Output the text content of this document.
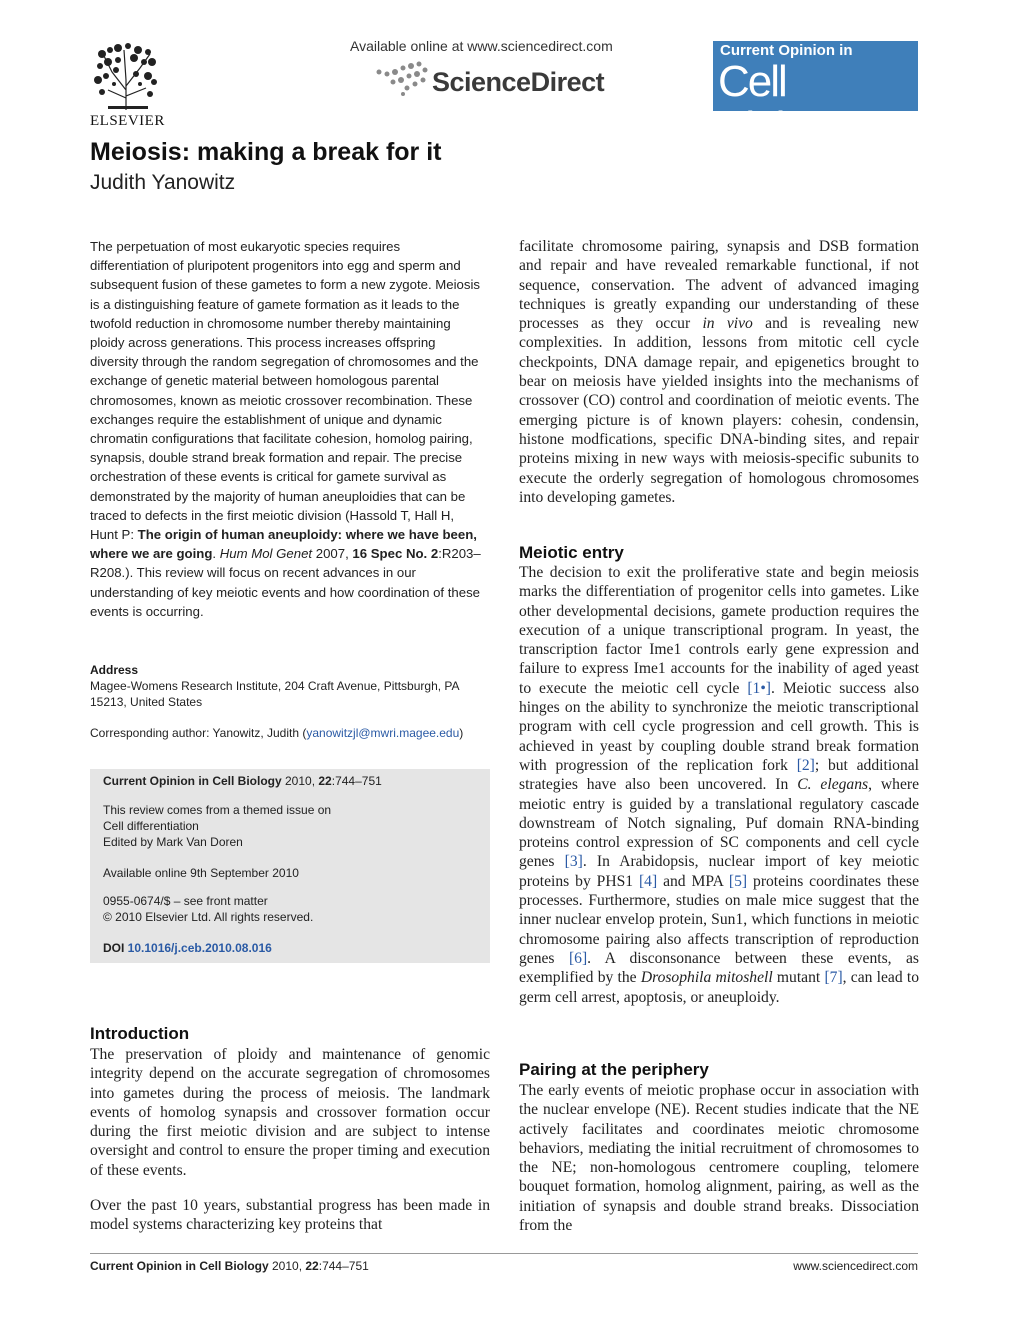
ELSEVIER
Available online at www.sciencedirect.com
ScienceDirect
Current Opinion in
Cell Biology
Meiosis: making a break for it
Judith Yanowitz
The perpetuation of most eukaryotic species requires differentiation of pluripotent progenitors into egg and sperm and subsequent fusion of these gametes to form a new zygote. Meiosis is a distinguishing feature of gamete formation as it leads to the twofold reduction in chromosome number thereby maintaining ploidy across generations. This process increases offspring diversity through the random segregation of chromosomes and the exchange of genetic material between homologous parental chromosomes, known as meiotic crossover recombination. These exchanges require the establishment of unique and dynamic chromatin configurations that facilitate cohesion, homolog pairing, synapsis, double strand break formation and repair. The precise orchestration of these events is critical for gamete survival as demonstrated by the majority of human aneuploidies that can be traced to defects in the first meiotic division (Hassold T, Hall H, Hunt P: The origin of human aneuploidy: where we have been, where we are going. Hum Mol Genet 2007, 16 Spec No. 2:R203–R208.). This review will focus on recent advances in our understanding of key meiotic events and how coordination of these events is occurring.
Address
Magee-Womens Research Institute, 204 Craft Avenue, Pittsburgh, PA 15213, United States
Corresponding author: Yanowitz, Judith (yanowitzjl@mwri.magee.edu)
Current Opinion in Cell Biology 2010, 22:744–751
This review comes from a themed issue on
Cell differentiation
Edited by Mark Van Doren
Available online 9th September 2010
0955-0674/$ – see front matter
© 2010 Elsevier Ltd. All rights reserved.
DOI 10.1016/j.ceb.2010.08.016
Introduction

The preservation of ploidy and maintenance of genomic integrity depend on the accurate segregation of chromosomes into gametes during the process of meiosis. The landmark events of homolog synapsis and crossover formation occur during the first meiotic division and are subject to intense oversight and control to ensure the proper timing and execution of these events.

Over the past 10 years, substantial progress has been made in model systems characterizing key proteins that

facilitate chromosome pairing, synapsis and DSB formation and repair and have revealed remarkable functional, if not sequence, conservation. The advent of advanced imaging techniques is greatly expanding our understanding of these processes as they occur in vivo and is revealing new complexities. In addition, lessons from mitotic cell cycle checkpoints, DNA damage repair, and epigenetics brought to bear on meiosis have yielded insights into the mechanisms of crossover (CO) control and coordination of meiotic events. The emerging picture is of known players: cohesin, condensin, histone modfications, specific DNA-binding sites, and repair proteins mixing in new ways with meiosis-specific subunits to execute the orderly segregation of homologous chromosomes into developing gametes.

Meiotic entry

The decision to exit the proliferative state and begin meiosis marks the differentiation of progenitor cells into gametes. Like other developmental decisions, gamete production requires the execution of a unique transcriptional program. In yeast, the transcription factor Ime1 controls early gene expression and failure to express Ime1 accounts for the inability of aged yeast to execute the meiotic cell cycle [1•]. Meiotic success also hinges on the ability to synchronize the meiotic transcriptional program with cell cycle progression and cell growth. This is achieved in yeast by coupling double strand break formation with progression of the replication fork [2]; but additional strategies have also been uncovered. In C. elegans, where meiotic entry is guided by a translational regulatory cascade downstream of Notch signaling, Puf domain RNA-binding proteins control expression of SC components and cell cycle genes [3]. In Arabidopsis, nuclear import of key meiotic proteins by PHS1 [4] and MPA [5] proteins coordinates these processes. Furthermore, studies on male mice suggest that the inner nuclear envelop protein, Sun1, which functions in meiotic chromosome pairing also affects transcription of reproduction genes [6]. A disconsonance between these events, as exemplified by the Drosophila mitoshell mutant [7], can lead to germ cell arrest, apoptosis, or aneuploidy.

Pairing at the periphery

The early events of meiotic prophase occur in association with the nuclear envelope (NE). Recent studies indicate that the NE actively facilitates and coordinates meiotic chromosome behaviors, mediating the initial recruitment of chromosomes to the NE; non-homologous centromere coupling, telomere bouquet formation, homolog alignment, pairing, as well as the initiation of synapsis and double strand breaks. Dissociation from the

Current Opinion in Cell Biology 2010, 22:744–751	www.sciencedirect.com
